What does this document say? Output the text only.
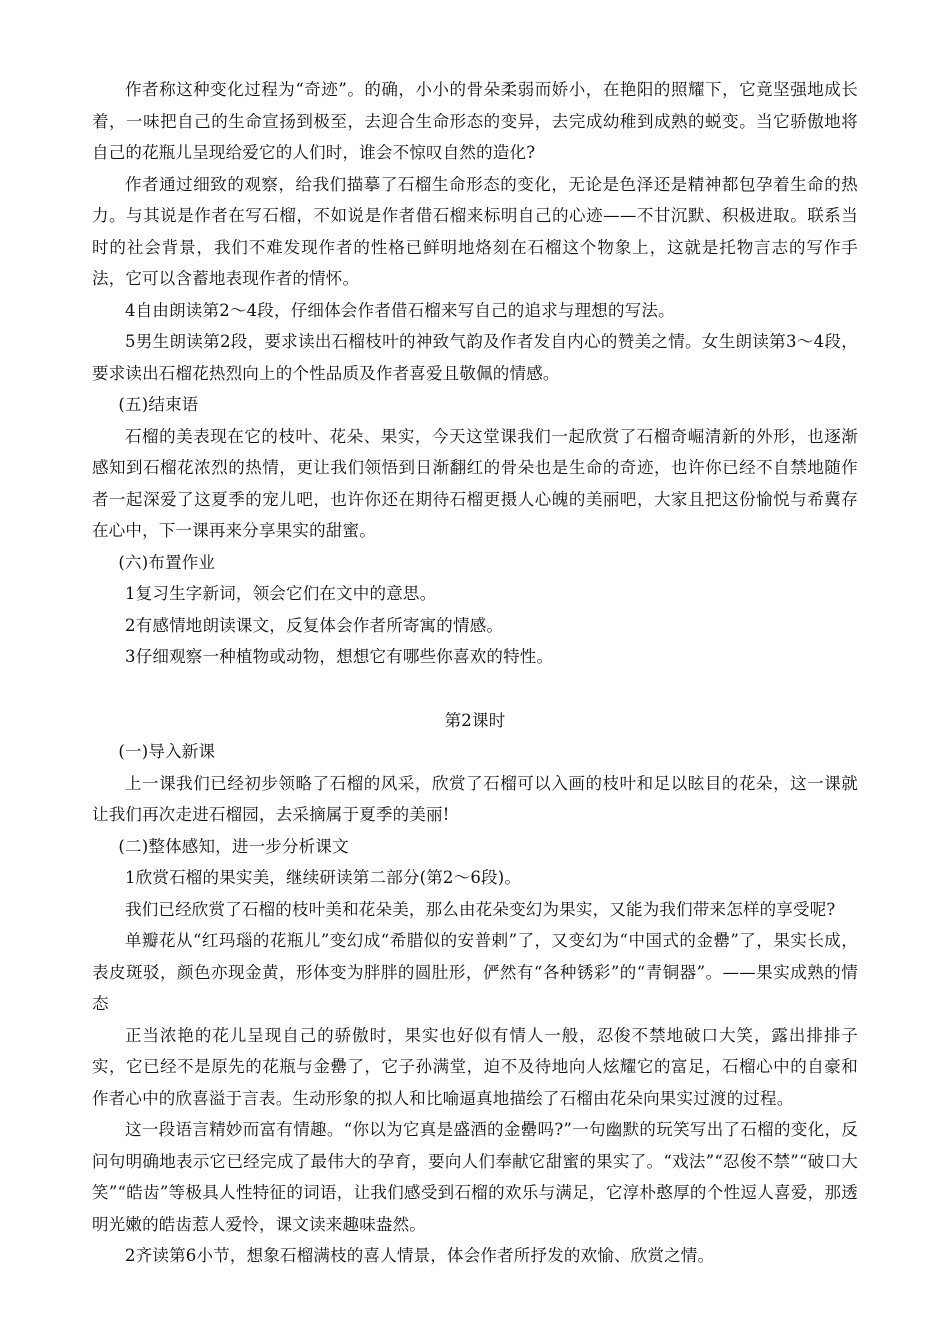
作者称这种变化过程为“奇迹”。的确，小小的骨朵柔弱而娇小，在艳阳的照耀下，它竟坚强地成长着，一味把自己的生命宣扬到极至，去迎合生命形态的变异，去完成幼稚到成熟的蜕变。当它骄傲地将自己的花瓶儿呈现给爱它的人们时，谁会不惊叹自然的造化?

作者通过细致的观察，给我们描摹了石榴生命形态的变化，无论是色泽还是精神都包孕着生命的热力。与其说是作者在写石榴，不如说是作者借石榴来标明自己的心迹——不甘沉默、积极进取。联系当时的社会背景，我们不难发现作者的性格已鲜明地烙刻在石榴这个物象上，这就是托物言志的写作手法，它可以含蓄地表现作者的情怀。

4自由朗读第2～4段，仔细体会作者借石榴来写自己的追求与理想的写法。

5男生朗读第2段，要求读出石榴枝叶的神致气韵及作者发自内心的赞美之情。女生朗读第3～4段，要求读出石榴花热烈向上的个性品质及作者喜爱且敬佩的情感。

(五)结束语

石榴的美表现在它的枝叶、花朵、果实，今天这堂课我们一起欣赏了石榴奇崛清新的外形，也逐渐感知到石榴花浓烈的热情，更让我们领悟到日渐翻红的骨朵也是生命的奇迹，也许你已经不自禁地随作者一起深爱了这夏季的宠儿吧，也许你还在期待石榴更摄人心魄的美丽吧，大家且把这份愉悦与希冀存在心中，下一课再来分享果实的甜蜜。

(六)布置作业

1复习生字新词，领会它们在文中的意思。

2有感情地朗读课文，反复体会作者所寄寓的情感。

3仔细观察一种植物或动物，想想它有哪些你喜欢的特性。

第2课时

(一)导入新课

上一课我们已经初步领略了石榴的风采，欣赏了石榴可以入画的枝叶和足以眩目的花朵，这一课就让我们再次走进石榴园，去采摘属于夏季的美丽!

(二)整体感知，进一步分析课文

1欣赏石榴的果实美，继续研读第二部分(第2～6段)。

我们已经欣赏了石榴的枝叶美和花朵美，那么由花朵变幻为果实，又能为我们带来怎样的享受呢?

单瓣花从“红玛瑙的花瓶儿”变幻成“希腊似的安普剌”了，又变幻为“中国式的金罍”了，果实长成，表皮斑驳，颜色亦现金黄，形体变为胖胖的圆肚形，俨然有“各种锈彩”的“青铜器”。——果实成熟的情态

正当浓艳的花儿呈现自己的骄傲时，果实也好似有情人一般，忍俊不禁地破口大笑，露出排排子实，它已经不是原先的花瓶与金罍了，它子孙满堂，迫不及待地向人炫耀它的富足，石榴心中的自豪和作者心中的欣喜溢于言表。生动形象的拟人和比喻逼真地描绘了石榴由花朵向果实过渡的过程。

这一段语言精妙而富有情趣。“你以为它真是盛酒的金罍吗?”一句幽默的玩笑写出了石榴的变化，反问句明确地表示它已经完成了最伟大的孕育，要向人们奉献它甜蜜的果实了。“戏法”“忍俊不禁”“破口大笑”“皓齿”等极具人性特征的词语，让我们感受到石榴的欢乐与满足，它淳朴憨厚的个性逗人喜爱，那透明光嫩的皓齿惹人爱怜，课文读来趣味盎然。

2齐读第6小节，想象石榴满枝的喜人情景，体会作者所抒发的欢愉、欣赏之情。
